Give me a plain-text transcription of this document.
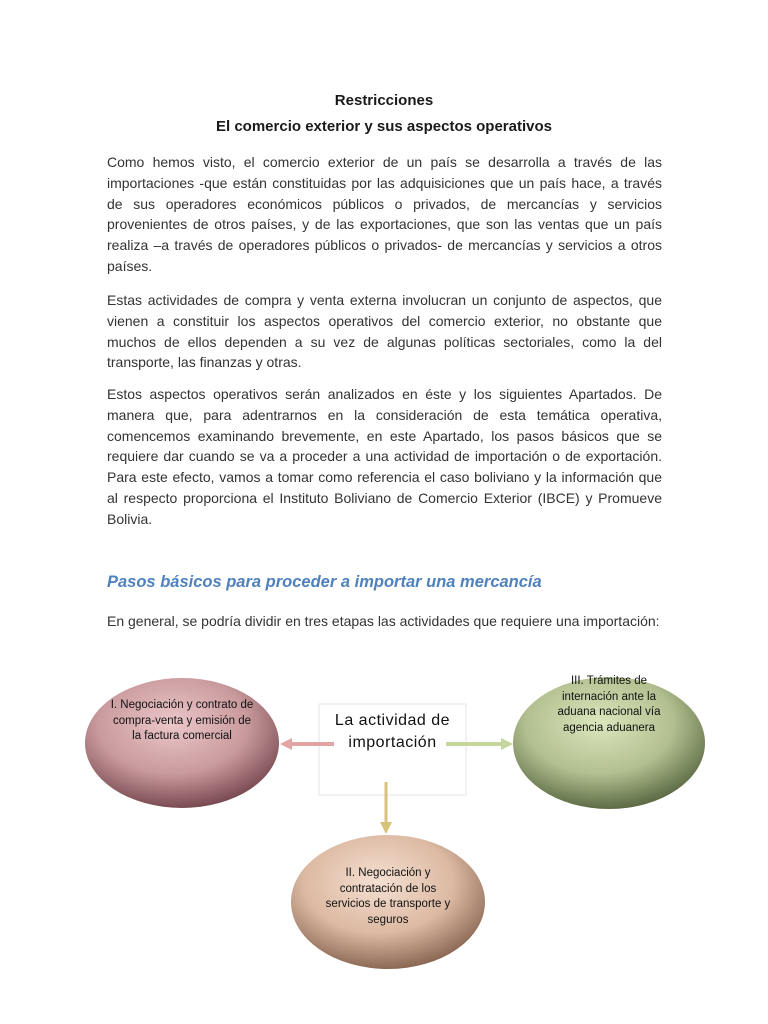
Restricciones
El comercio exterior y sus aspectos operativos
Como hemos visto, el comercio exterior de un país se desarrolla a través de las importaciones -que están constituidas por las adquisiciones que un país hace, a través de sus operadores económicos públicos o privados, de mercancías y servicios provenientes de otros países, y de las exportaciones, que son las ventas que un país realiza –a través de operadores públicos o privados- de mercancías y servicios a otros países.
Estas actividades de compra y venta externa involucran un conjunto de aspectos, que vienen a constituir los aspectos operativos del comercio exterior, no obstante que muchos de ellos dependen a su vez de algunas políticas sectoriales, como la del transporte, las finanzas y otras.
Estos aspectos operativos serán analizados en éste y los siguientes Apartados. De manera que, para adentrarnos en la consideración de esta temática operativa, comencemos examinando brevemente, en este Apartado, los pasos básicos que se requiere dar cuando se va a proceder a una actividad de importación o de exportación. Para este efecto, vamos a tomar como referencia el caso boliviano y la información que al respecto proporciona el Instituto Boliviano de Comercio Exterior (IBCE) y Promueve Bolivia.
Pasos básicos para proceder a importar una mercancía
En general, se podría dividir en tres etapas las actividades que requiere una importación:
La actividad de importación
I. Negociación y contrato de compra-venta y emisión de la factura comercial
II. Negociación y contratación de los servicios de transporte y seguros
III. Trámites de internación ante la aduana nacional vía agencia aduanera
